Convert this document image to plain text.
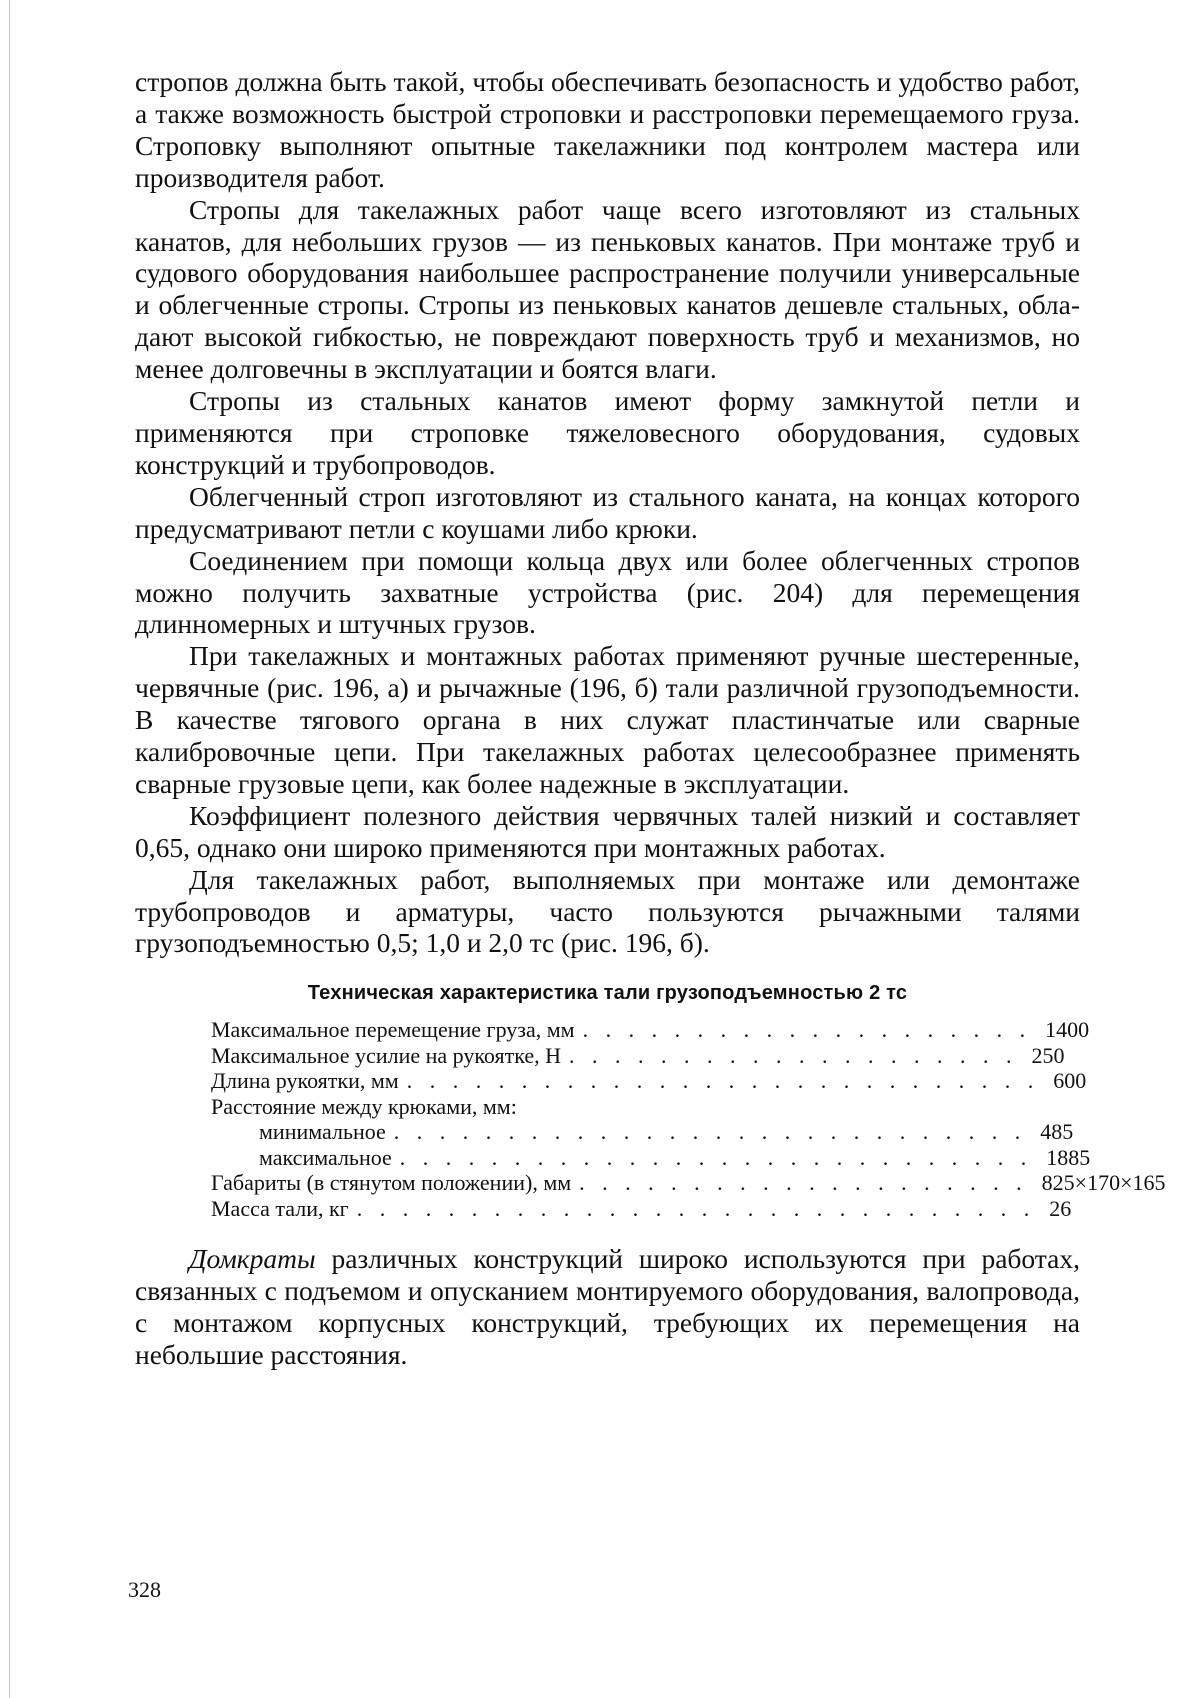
стропов должна быть такой, чтобы обеспечивать безопасность и удобство работ, а также возможность быстрой строповки и расстроповки перемещаемого груза. Строповку выполняют опытные такелажники под контролем мастера или производи­теля работ.

Стропы для такелажных работ чаще всего изготовляют из стальных канатов, для небольших грузов — из пеньковых ка­натов. При монтаже труб и судового оборудования наибольшее распространение получили универсальные и облегченные стропы. Стропы из пеньковых канатов дешевле стальных, обла­дают высокой гибкостью, не повреждают поверхность труб и механизмов, но менее долговечны в эксплуатации и боятся влаги.

Стропы из стальных канатов имеют форму замкнутой петли и применяются при строповке тяжеловесного оборудования, су­довых конструкций и трубопроводов.

Облегченный строп изготовляют из стального каната, на концах которого предусматривают петли с коушами либо крюки.

Соединением при помощи кольца двух или более облегчен­ных стропов можно получить захватные устройства (рис. 204) для перемещения длинномерных и штучных грузов.

При такелажных и монтажных работах применяют ручные шестеренные, червячные (рис. 196, а) и рычажные (196, б) тали различной грузоподъемности. В качестве тягового органа в них служат пластинчатые или сварные калибровочные цепи. При такелажных работах целесообразнее применять сварные грузо­вые цепи, как более надежные в эксплуатации.

Коэффициент полезного действия червячных талей низкий и составляет 0,65, однако они широко применяются при мон­тажных работах.

Для такелажных работ, выполняемых при монтаже или де­монтаже трубопроводов и арматуры, часто пользуются рычаж­ными талями грузоподъемностью 0,5; 1,0 и 2,0 тс (рис. 196, б).

Техническая характеристика тали грузоподъемностью 2 тс
Максимальное перемещение груза, мм . . . . . . . . . . . . . . . . . . . . 1400
Максимальное усилие на рукоятке, Н . . . . . . . . . . . . . . . . . . . . 250
Длина рукоятки, мм . . . . . . . . . . . . . . . . . . . . . . . . . . . . 600
Расстояние между крюками, мм:
минимальное . . . . . . . . . . . . . . . . . . . . . . . . . . . . 485
максимальное . . . . . . . . . . . . . . . . . . . . . . . . . . . . 1885
Габариты (в стянутом положении), мм . . . . . . . . . . . . . . . . . . . . 825×170×165
Масса тали, кг . . . . . . . . . . . . . . . . . . . . . . . . . . . . . . 26

Домкраты различных конструкций широко используются при работах, связанных с подъемом и опусканием монтируе­мого оборудования, валопровода, с монтажом корпусных кон­струкций, требующих их перемещения на небольшие рас­стояния.

328
